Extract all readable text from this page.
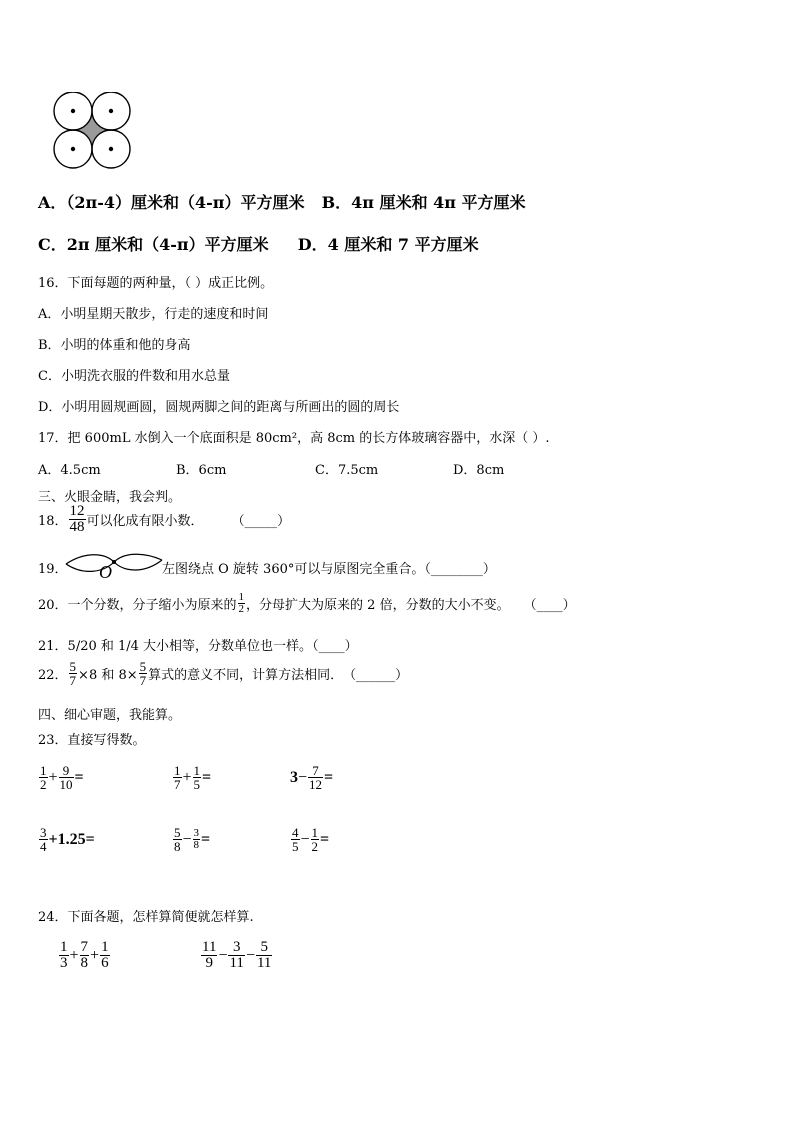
A．（2π-4）厘米和（4-π）平方厘米 B．4π 厘米和 4π 平方厘米
C．2π 厘米和（4-π）平方厘米 D．4 厘米和 7 平方厘米
16．下面每题的两种量，（ ）成正比例。
A．小明星期天散步，行走的速度和时间
B．小明的体重和他的身高
C．小明洗衣服的件数和用水总量
D．小明用圆规画圆，圆规两脚之间的距离与所画出的圆的周长
17．把 600mL 水倒入一个底面积是 80cm²，高 8cm 的长方体玻璃容器中，水深（ ）.
A．4.5cm	B．6cm	C．7.5cm	D．8cm
三、火眼金睛，我会判。
18． $\frac{12}{48}$ 可以化成有限小数． （_____）
19． O	左图绕点 O 旋转 360°可以与原图完全重合。（________）
20．一个分数，分子缩小为原来的 $\frac{1}{2}$ ，分母扩大为原来的 2 倍，分数的大小不变。 （____）
21．5/20 和 1/4 大小相等，分数单位也一样。（____）
22． $\frac{5}{7} \times 8$ 和 $8\times \frac{5}{7}$ 算式的意义不同，计算方法相同． （______）
四、细心审题，我能算。
23．直接写得数。
$\frac{1}{2} + \frac{9}{10}$ =	$\frac{1}{7} + \frac{1}{5}$ =	$3 - \frac{7}{12}$ =
$\frac{3}{4} +1.25=$	$\frac{5}{8} - \frac{3}{8}$ =	$\frac{4}{5} - \frac{1}{2}$ =
24．下面各题，怎样算简便就怎样算.
$\frac{1}{3} + \frac{7}{8} + \frac{1}{6}$	$\frac{11}{9} - \frac{3}{11} - \frac{5}{11}$
